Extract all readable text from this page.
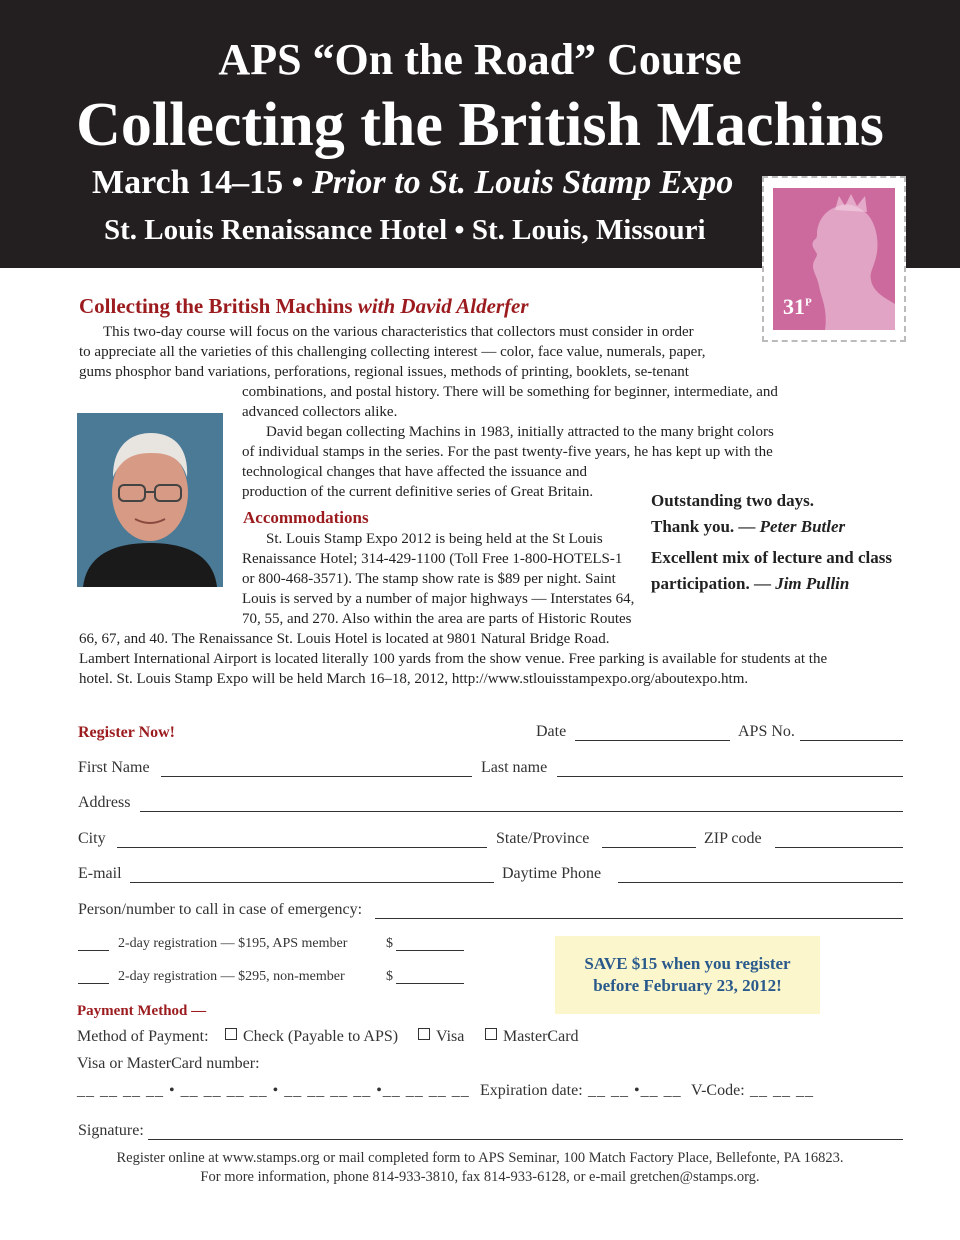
APS “On the Road” Course
Collecting the British Machins
March 14–15 • Prior to St. Louis Stamp Expo
St. Louis Renaissance Hotel • St. Louis, Missouri
$31^P$
Collecting the British Machins with David Alderfer
This two-day course will focus on the various characteristics that collectors must consider in order
to appreciate all the varieties of this challenging collecting interest — color, face value, numerals, paper,
gums phosphor band variations, perforations, regional issues, methods of printing, booklets, se-tenant
combinations, and postal history. There will be something for beginner, intermediate, and
advanced collectors alike.
David began collecting Machins in 1983, initially attracted to the many bright colors
of individual stamps in the series. For the past twenty-five years, he has kept up with the
technological changes that have affected the issuance and
production of the current definitive series of Great Britain.
Accommodations
St. Louis Stamp Expo 2012 is being held at the St Louis
Renaissance Hotel; 314-429-1100 (Toll Free 1-800-HOTELS-1
or 800-468-3571). The stamp show rate is $89 per night. Saint
Louis is served by a number of major highways — Interstates 64,
70, 55, and 270. Also within the area are parts of Historic Routes
66, 67, and 40. The Renaissance St. Louis Hotel is located at 9801 Natural Bridge Road.
Lambert International Airport is located literally 100 yards from the show venue. Free parking is available for students at the
hotel. St. Louis Stamp Expo will be held March 16–18, 2012, http://www.stlouisstampexpo.org/aboutexpo.htm.
Outstanding two days.
Thank you. — Peter Butler
Excellent mix of lecture and class
participation. — Jim Pullin
Register Now!	Date	APS No.
First Name	Last name
Address
City	State/Province	ZIP code
E-mail	Daytime Phone
Person/number to call in case of emergency:
2-day registration — $195, APS member	$
2-day registration — $295, non-member	$
SAVE $15 when you register
before February 23, 2012!
Payment Method —
Method of Payment:	Check (Payable to APS)	Visa	MasterCard
Visa or MasterCard number:
__ __ __ __ • __ __ __ __ • __ __ __ __ •__ __ __ __ Expiration date: __ __ •__ __ V-Code: __ __ __
Signature:
Register online at www.stamps.org or mail completed form to APS Seminar, 100 Match Factory Place, Bellefonte, PA 16823.
For more information, phone 814-933-3810, fax 814-933-6128, or e-mail gretchen@stamps.org.
